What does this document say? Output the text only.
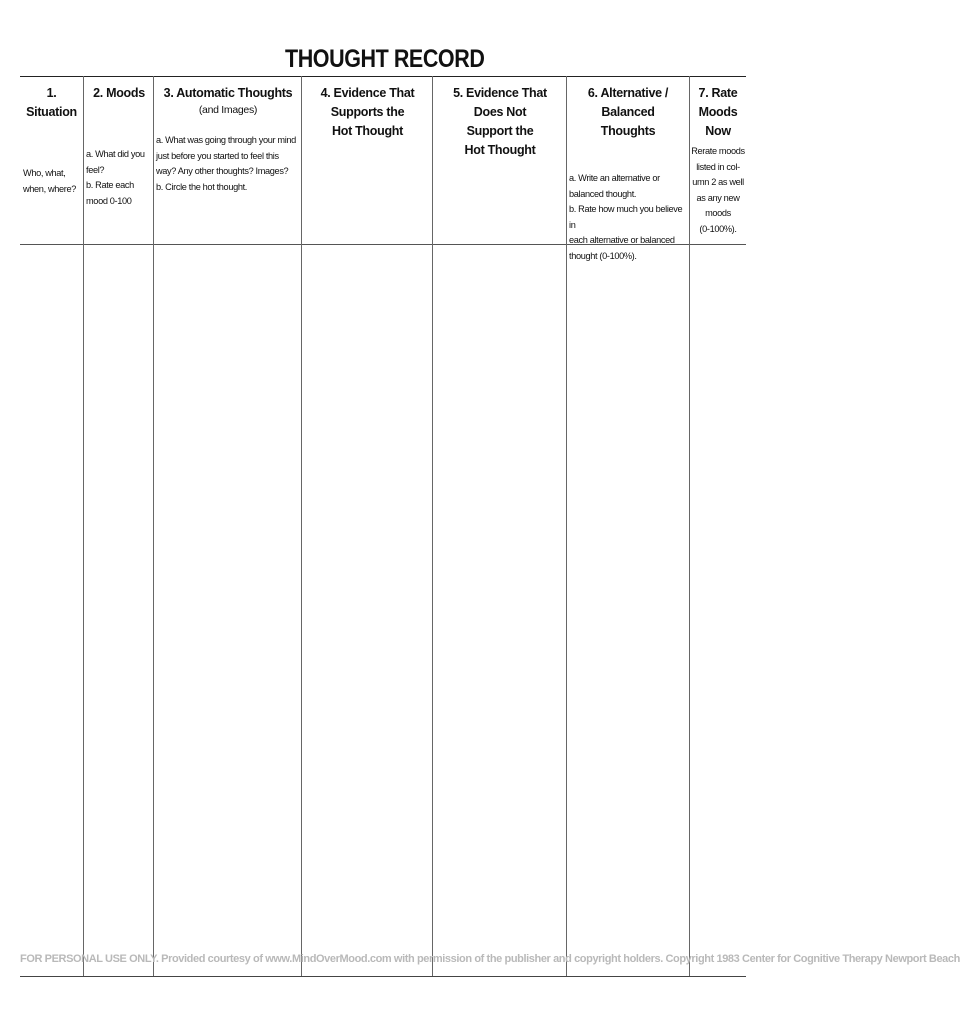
THOUGHT RECORD
1. Situation
Who, what,
when, where?
2. Moods
a. What did you
feel?
b. Rate each
mood 0-100
3. Automatic Thoughts
(and Images)
a. What was going through your mind
just before you started to feel this
way? Any other thoughts? Images?
b. Circle the hot thought.
4. Evidence That
Supports the
Hot Thought
5. Evidence That
Does Not
Support the
Hot Thought
6. Alternative / Balanced
Thoughts
a. Write an alternative or
balanced thought.
b. Rate how much you believe in
each alternative or balanced
thought (0-100%).
7. Rate
Moods
Now
Rerate moods
listed in col-
umn 2 as well
as any new
moods
(0-100%).
FOR PERSONAL USE ONLY. Provided courtesy of www.MindOverMood.com with permission of the publisher and copyright holders. Copyright 1983 Center for Cognitive Therapy Newport Beach
